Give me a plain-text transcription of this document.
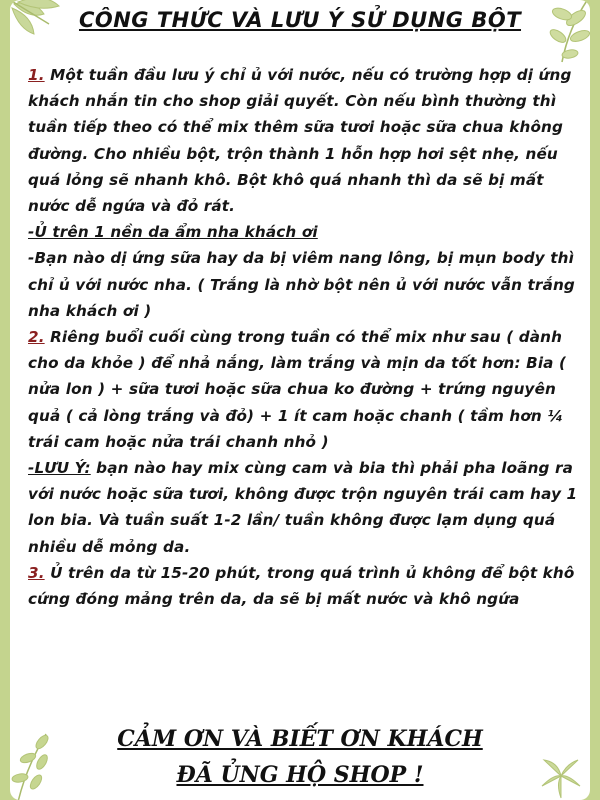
CÔNG THỨC VÀ LƯU Ý SỬ DỤNG BỘT

1. Một tuần đầu lưu ý chỉ ủ với nước, nếu có trường hợp dị ứng khách nhắn tin cho shop giải quyết. Còn nếu bình thường thì tuần tiếp theo có thể mix thêm sữa tươi hoặc sữa chua không đường. Cho nhiều bột, trộn thành 1 hỗn hợp hơi sệt nhẹ, nếu quá lỏng sẽ nhanh khô. Bột khô quá nhanh thì da sẽ bị mất nước dễ ngứa và đỏ rát.

-Ủ trên 1 nền da ẩm nha khách ơi

-Bạn nào dị ứng sữa hay da bị viêm nang lông, bị mụn body thì chỉ ủ với nước nha. ( Trắng là nhờ bột nên ủ với nước vẫn trắng nha khách ơi )

2. Riêng buổi cuối cùng trong tuần có thể mix như sau ( dành cho da khỏe ) để nhả nắng, làm trắng và mịn da tốt hơn: Bia ( nửa lon ) + sữa tươi hoặc sữa chua ko đường + trứng nguyên quả ( cả lòng trắng và đỏ) + 1 ít cam hoặc chanh ( tầm hơn ¼ trái cam hoặc nửa trái chanh nhỏ )

-LƯU Ý: bạn nào hay mix cùng cam và bia thì phải pha loãng ra với nước hoặc sữa tươi, không được trộn nguyên trái cam hay 1 lon bia. Và tuần suất 1-2 lần/ tuần không được lạm dụng quá nhiều dễ mỏng da.

3. Ủ trên da từ 15-20 phút, trong quá trình ủ không để bột khô cứng đóng mảng trên da, da sẽ bị mất nước và khô ngứa

CẢM ƠN VÀ BIẾT ƠN KHÁCH
ĐÃ ỦNG HỘ SHOP !
